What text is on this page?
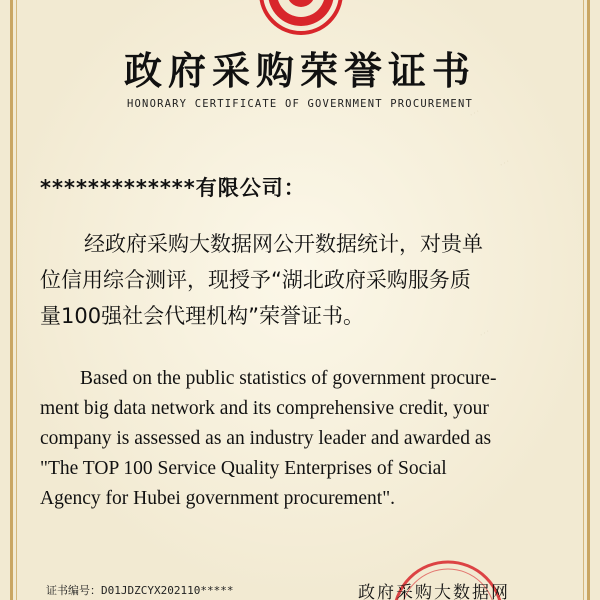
· · ·
· · ·
· · ·
政府采购荣誉证书
HONORARY CERTIFICATE OF GOVERNMENT PROCUREMENT
*************有限公司：
经政府采购大数据网公开数据统计，对贵单
位信用综合测评，现授予“湖北政府采购服务质
量100强社会代理机构”荣誉证书。
Based on the public statistics of government procure-
ment big data network and its comprehensive credit, your
company is assessed as an industry leader and awarded as
"The TOP 100 Service Quality Enterprises of Social
Agency for Hubei government procurement".
证书编号：D01JDZCYX202110*****	政府采购大数据网
